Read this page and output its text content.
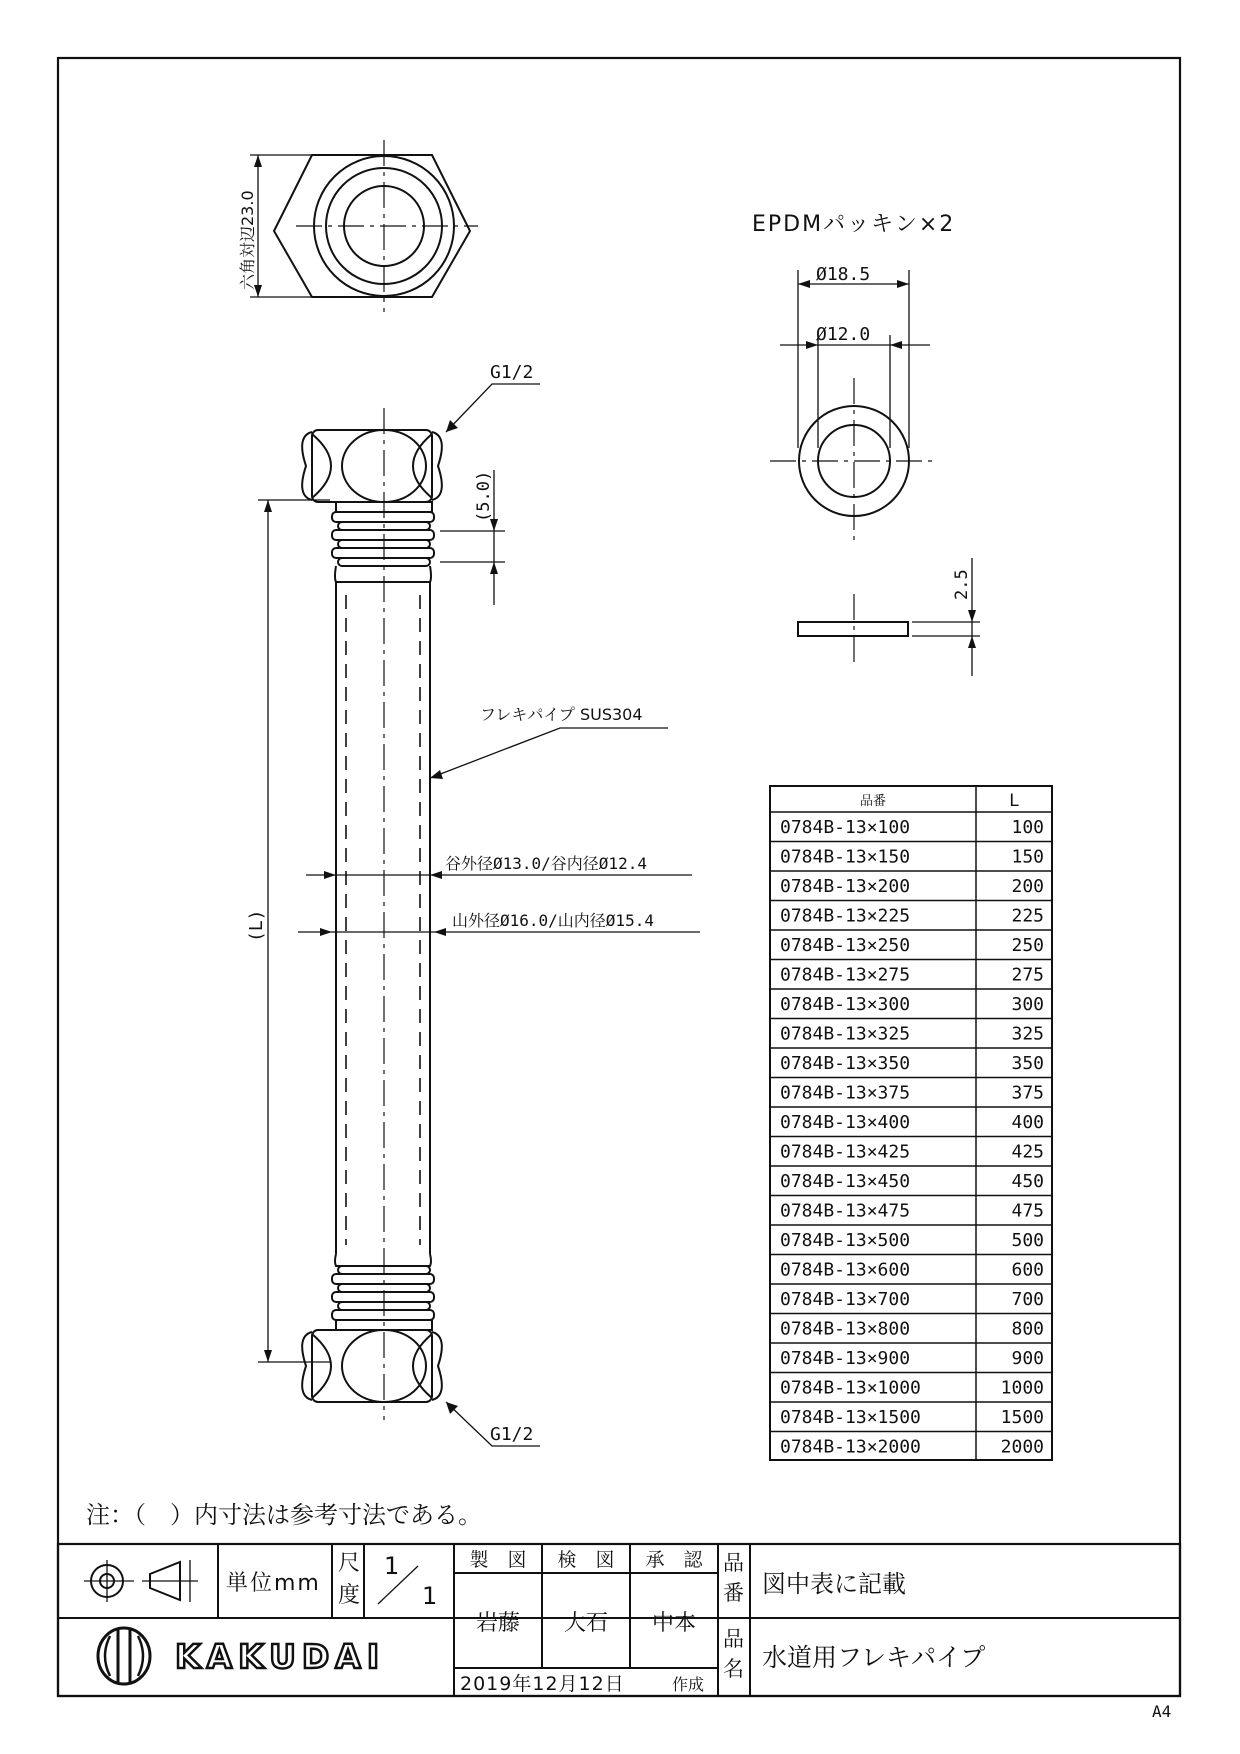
六角対辺23.0	EPDMパッキン×2
Ø18.5
Ø12.0
2.5
G1/2
G1/2
(5.0)
フレキパイプ SUS304
谷外径Ø13.0/谷内径Ø12.4
山外径Ø16.0/山内径Ø15.4
(L)
品番	L
0784B-13×100	100
0784B-13×150	150
0784B-13×200	200
0784B-13×225	225
0784B-13×250	250
0784B-13×275	275
0784B-13×300	300
0784B-13×325	325
0784B-13×350	350
0784B-13×375	375
0784B-13×400	400
0784B-13×425	425
0784B-13×450	450
0784B-13×475	475
0784B-13×500	500
0784B-13×600	600
0784B-13×700	700
0784B-13×800	800
0784B-13×900	900
0784B-13×1000	1000
0784B-13×1500	1500
0784B-13×2000	2000
注：（　）内寸法は参考寸法である。
単位mm
尺
度
1
1
製　図 検　図 承　認
岩藤 大石 中本
品
番 図中表に記載
品
名 水道用フレキパイプ
2019年12月12日	作成
KAKUDAI
A4
